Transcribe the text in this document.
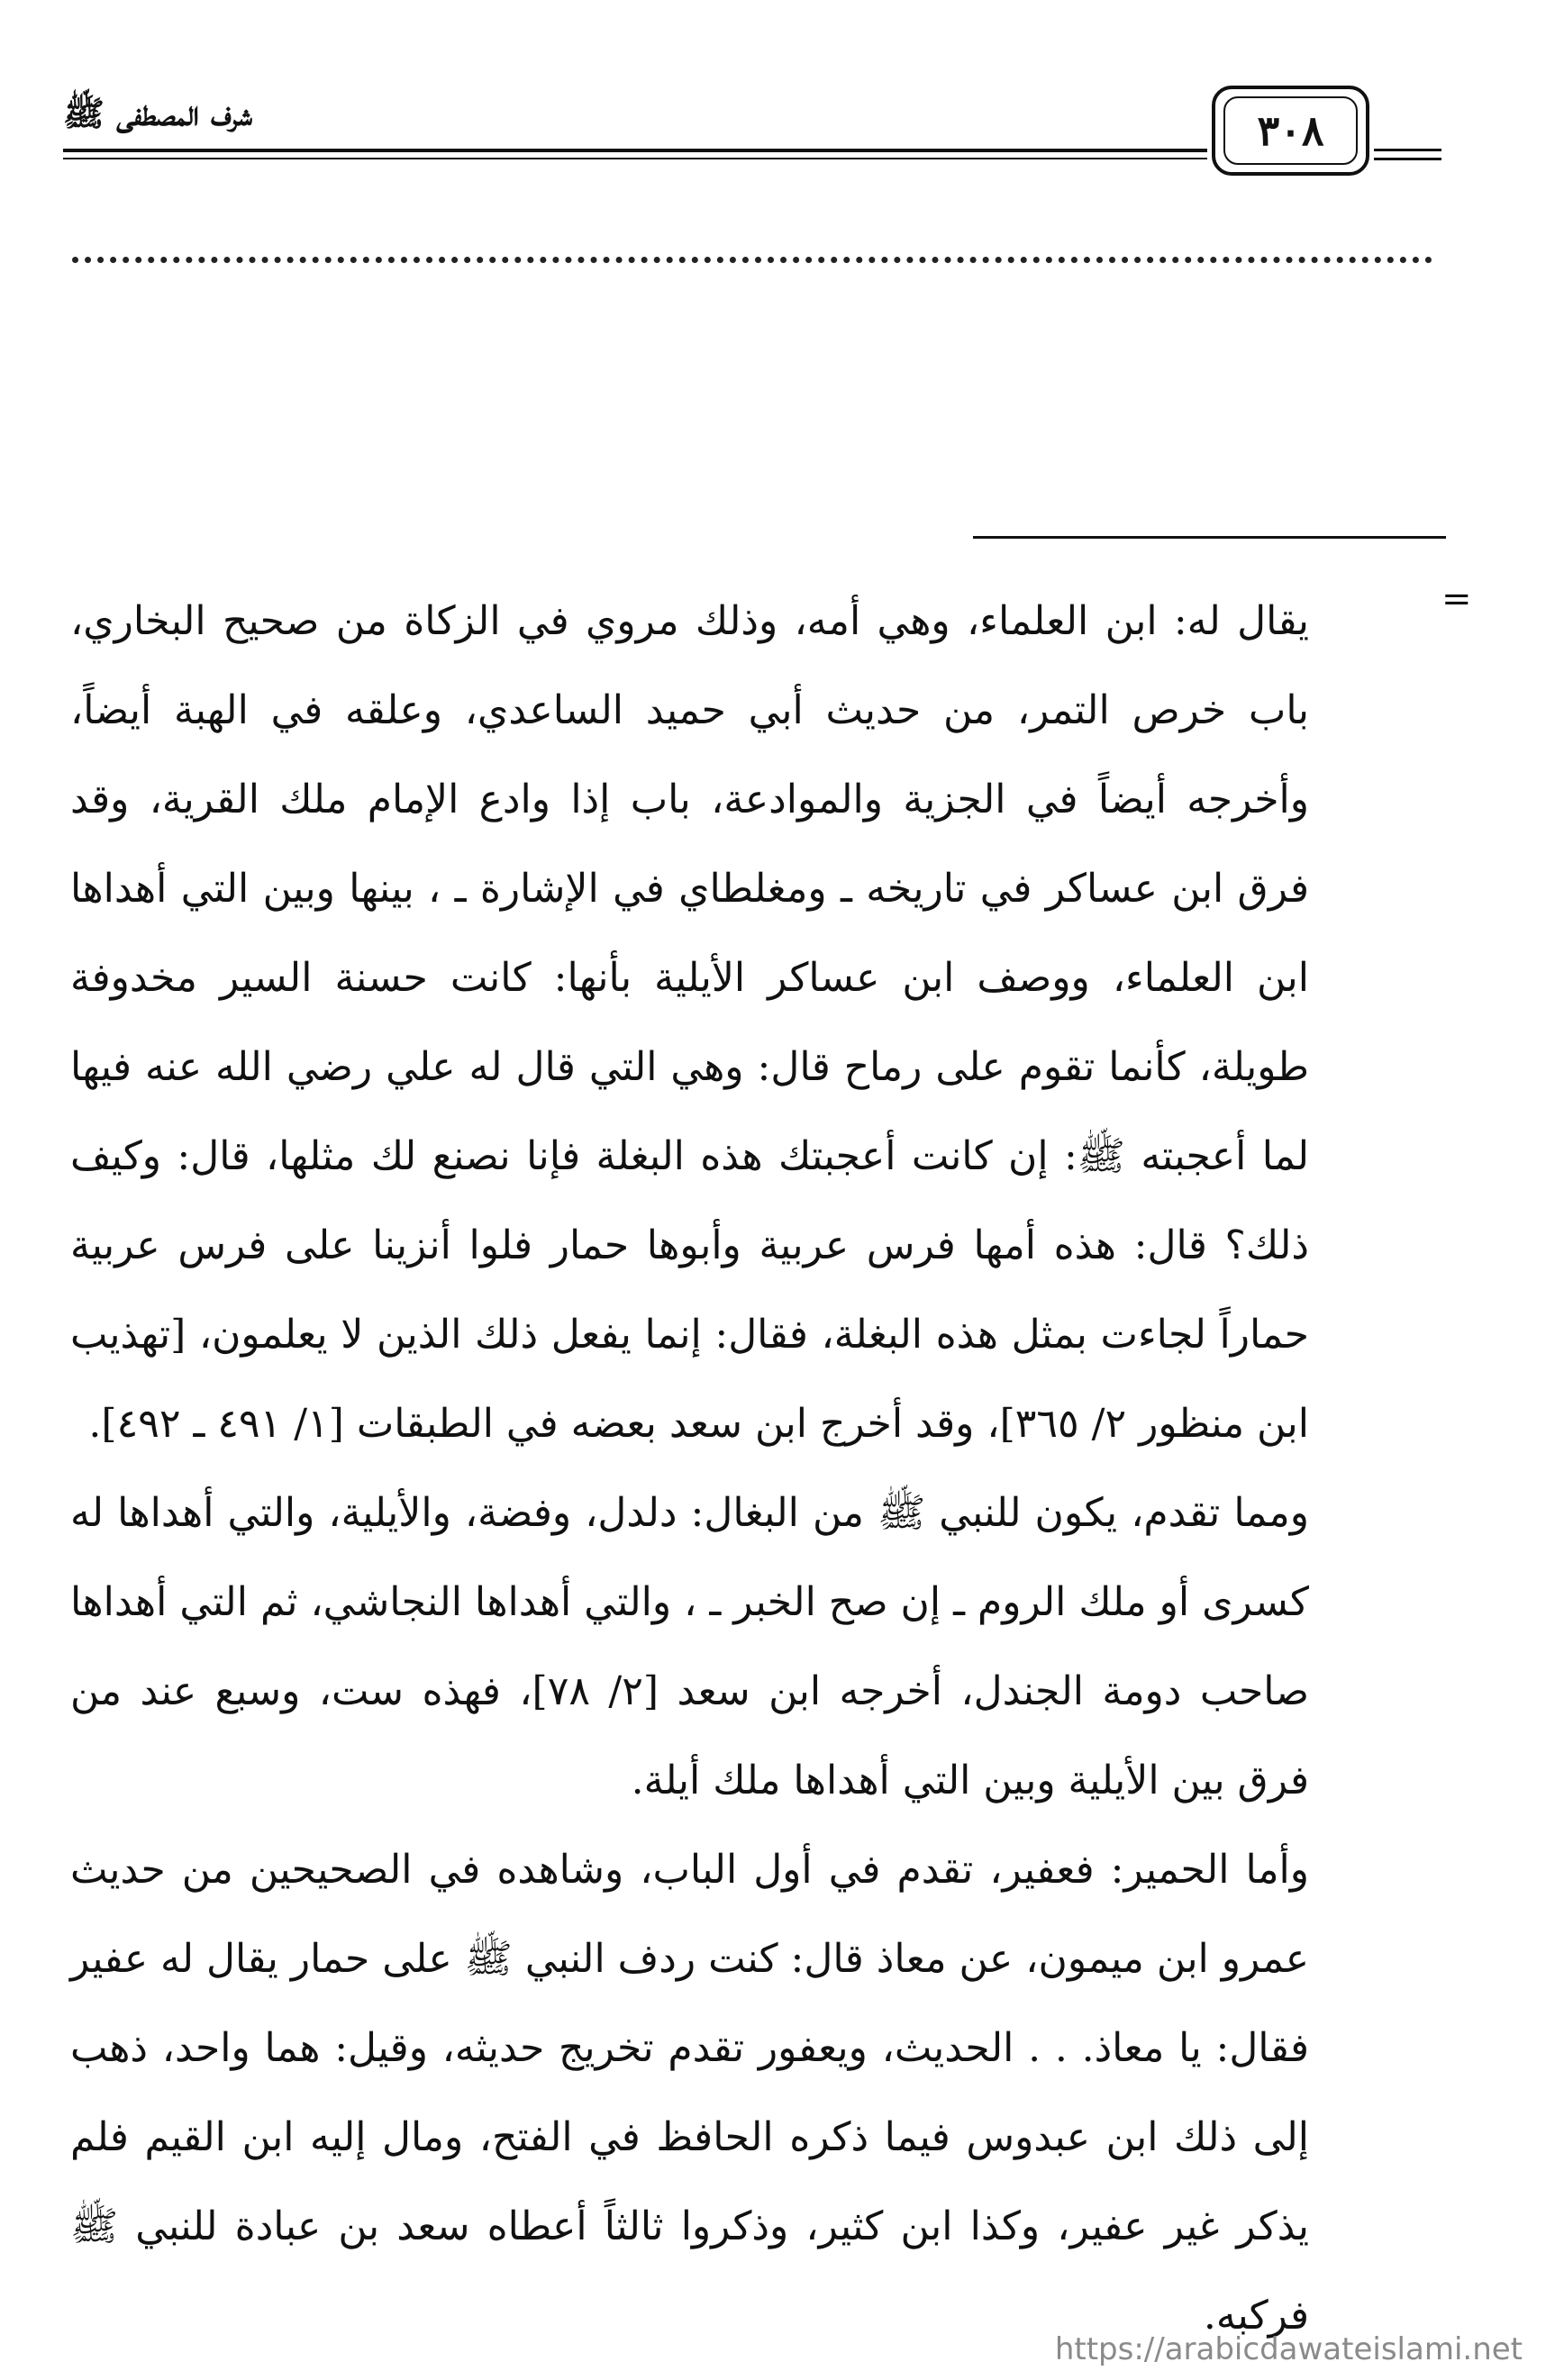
٣٠٨
شرف المصطفى ﷺ
=

يقال له: ابن العلماء، وهي أمه، وذلك مروي في الزكاة من صحيح البخاري، باب خرص التمر، من حديث أبي حميد الساعدي، وعلقه في الهبة أيضاً، وأخرجه أيضاً في الجزية والموادعة، باب إذا وادع الإمام ملك القرية، وقد فرق ابن عساكر في تاريخه ـ ومغلطاي في الإشارة ـ ، بينها وبين التي أهداها ابن العلماء، ووصف ابن عساكر الأيلية بأنها: كانت حسنة السير مخدوفة طويلة، كأنما تقوم على رماح قال: وهي التي قال له علي رضي الله عنه فيها لما أعجبته ﷺ: إن كانت أعجبتك هذه البغلة فإنا نصنع لك مثلها، قال: وكيف ذلك؟ قال: هذه أمها فرس عربية وأبوها حمار فلوا أنزينا على فرس عربية حماراً لجاءت بمثل هذه البغلة، فقال: إنما يفعل ذلك الذين لا يعلمون، [تهذيب ابن منظور ٢/ ٣٦٥]، وقد أخرج ابن سعد بعضه في الطبقات [١/ ٤٩١ ـ ٤٩٢].

ومما تقدم، يكون للنبي ﷺ من البغال: دلدل، وفضة، والأيلية، والتي أهداها له كسرى أو ملك الروم ـ إن صح الخبر ـ ، والتي أهداها النجاشي، ثم التي أهداها صاحب دومة الجندل، أخرجه ابن سعد [٢/ ٧٨]، فهذه ست، وسبع عند من فرق بين الأيلية وبين التي أهداها ملك أيلة.

وأما الحمير: فعفير، تقدم في أول الباب، وشاهده في الصحيحين من حديث عمرو ابن ميمون، عن معاذ قال: كنت ردف النبي ﷺ على حمار يقال له عفير فقال: يا معاذ. . . الحديث، ويعفور تقدم تخريج حديثه، وقيل: هما واحد، ذهب إلى ذلك ابن عبدوس فيما ذكره الحافظ في الفتح، ومال إليه ابن القيم فلم يذكر غير عفير، وكذا ابن كثير، وذكروا ثالثاً أعطاه سعد بن عبادة للنبي ﷺ فركبه.

https://arabicdawateislami.net
